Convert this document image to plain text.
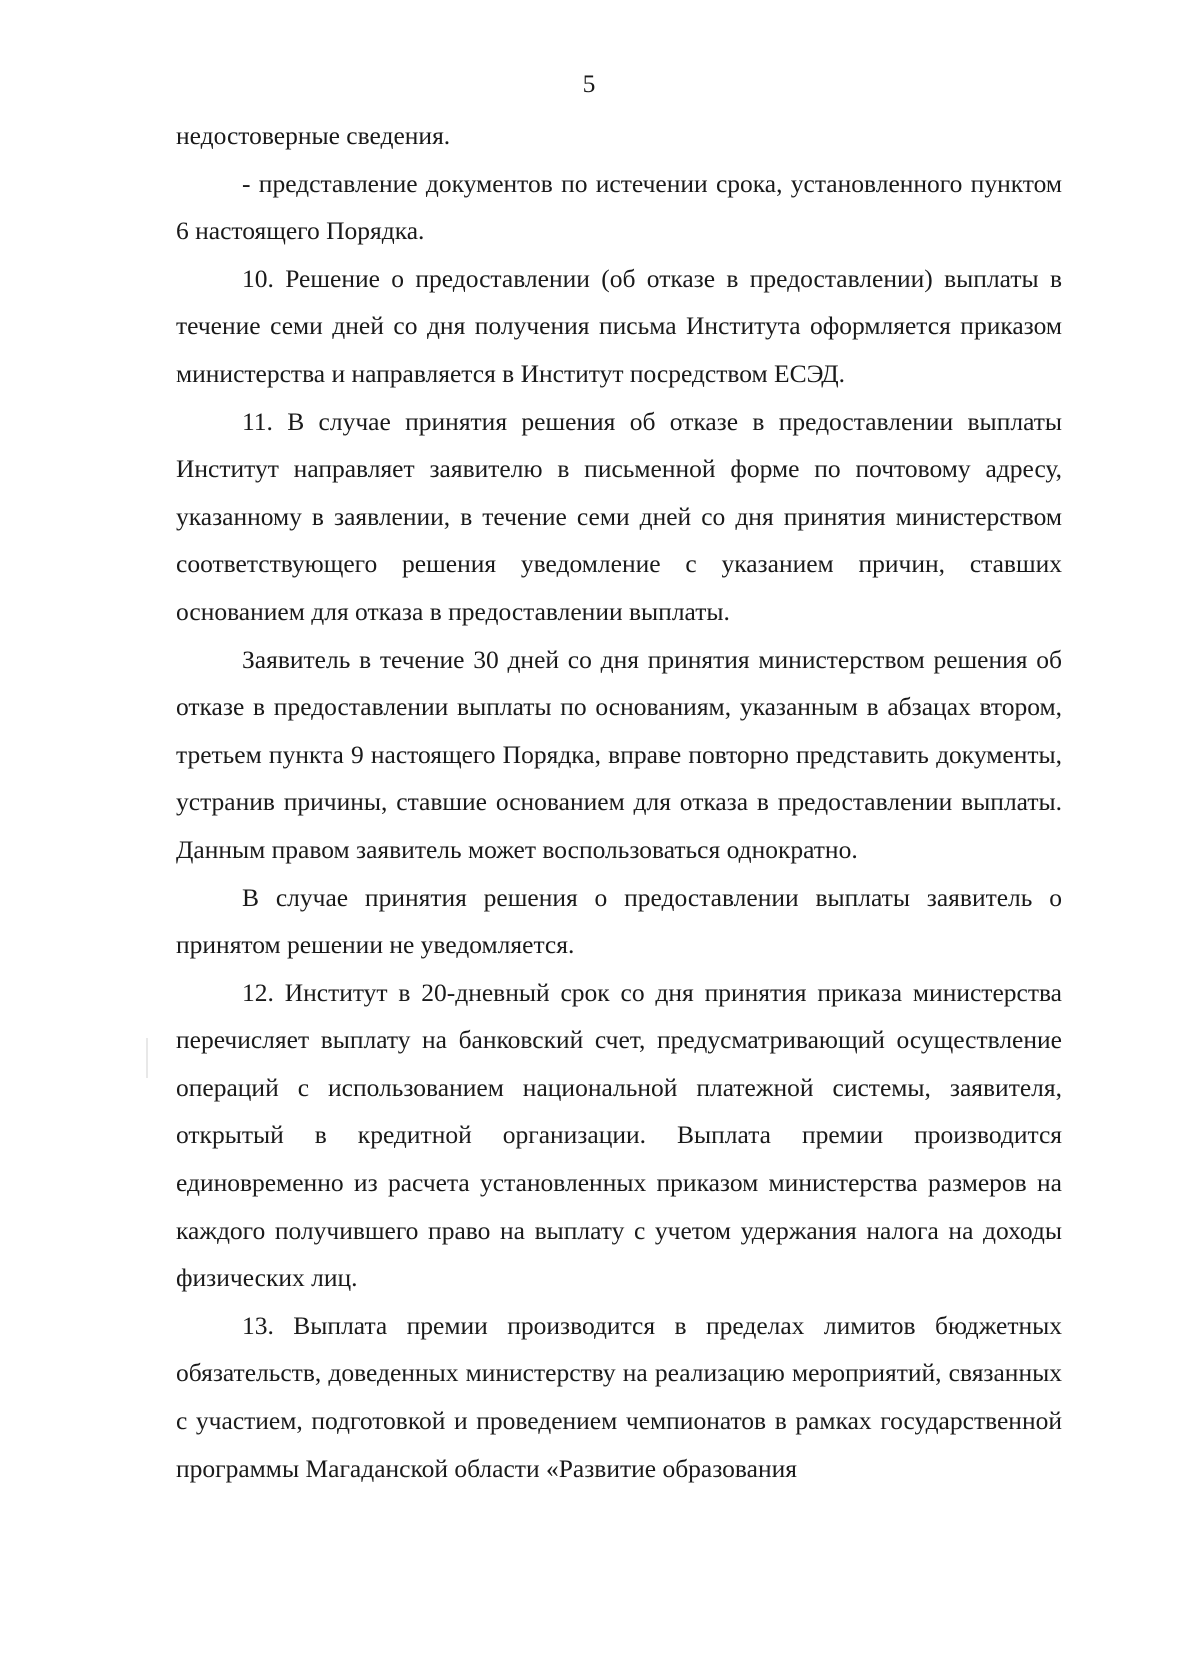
5

недостоверные сведения.

- представление документов по истечении срока, установленного пунктом 6 настоящего Порядка.

10. Решение о предоставлении (об отказе в предоставлении) выплаты в течение семи дней со дня получения письма Института оформляется приказом министерства и направляется в Институт посредством ЕСЭД.

11. В случае принятия решения об отказе в предоставлении выплаты Институт направляет заявителю в письменной форме по почтовому адресу, указанному в заявлении, в течение семи дней со дня принятия министерством соответствующего решения уведомление с указанием причин, ставших основанием для отказа в предоставлении выплаты.

Заявитель в течение 30 дней со дня принятия министерством решения об отказе в предоставлении выплаты по основаниям, указанным в абзацах втором, третьем пункта 9 настоящего Порядка, вправе повторно представить документы, устранив причины, ставшие основанием для отказа в предоставлении выплаты. Данным правом заявитель может воспользоваться однократно.

В случае принятия решения о предоставлении выплаты заявитель о принятом решении не уведомляется.

12. Институт в 20-дневный срок со дня принятия приказа министерства перечисляет выплату на банковский счет, предусматривающий осуществление операций с использованием национальной платежной системы, заявителя, открытый в кредитной организации. Выплата премии производится единовременно из расчета установленных приказом министерства размеров на каждого получившего право на выплату с учетом удержания налога на доходы физических лиц.

13. Выплата премии производится в пределах лимитов бюджетных обязательств, доведенных министерству на реализацию мероприятий, связанных с участием, подготовкой и проведением чемпионатов в рамках государственной программы Магаданской области «Развитие образования
